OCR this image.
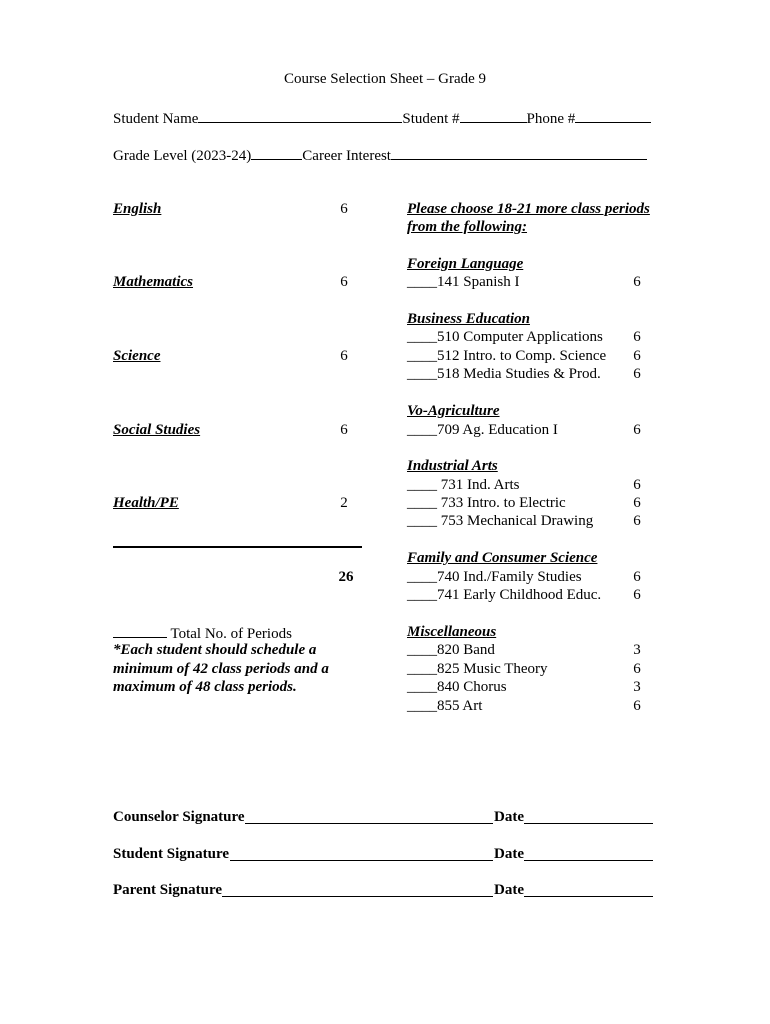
Course Selection Sheet – Grade 9
Student Name	Student #	Phone #
Grade Level (2023-24)	Career Interest
English	6
Mathematics	6
Science	6
Social Studies	6
Health/PE	2
26
Total No. of Periods
*Each student should schedule a
minimum of 42 class periods and a
maximum of 48 class periods.
Please choose 18-21 more class periods
from the following:
Foreign Language
____141 Spanish I	6
Business Education
____510 Computer Applications	6
____512 Intro. to Comp. Science	6
____518 Media Studies & Prod.	6
Vo-Agriculture
____709 Ag. Education I	6
Industrial Arts
____ 731 Ind. Arts	6
____ 733 Intro. to Electric	6
____ 753 Mechanical Drawing	6
Family and Consumer Science
____740 Ind./Family Studies	6
____741 Early Childhood Educ.	6
Miscellaneous
____820 Band	3
____825 Music Theory	6
____840 Chorus	3
____855 Art	6
Counselor Signature	Date
Student Signature	Date
Parent Signature	Date
